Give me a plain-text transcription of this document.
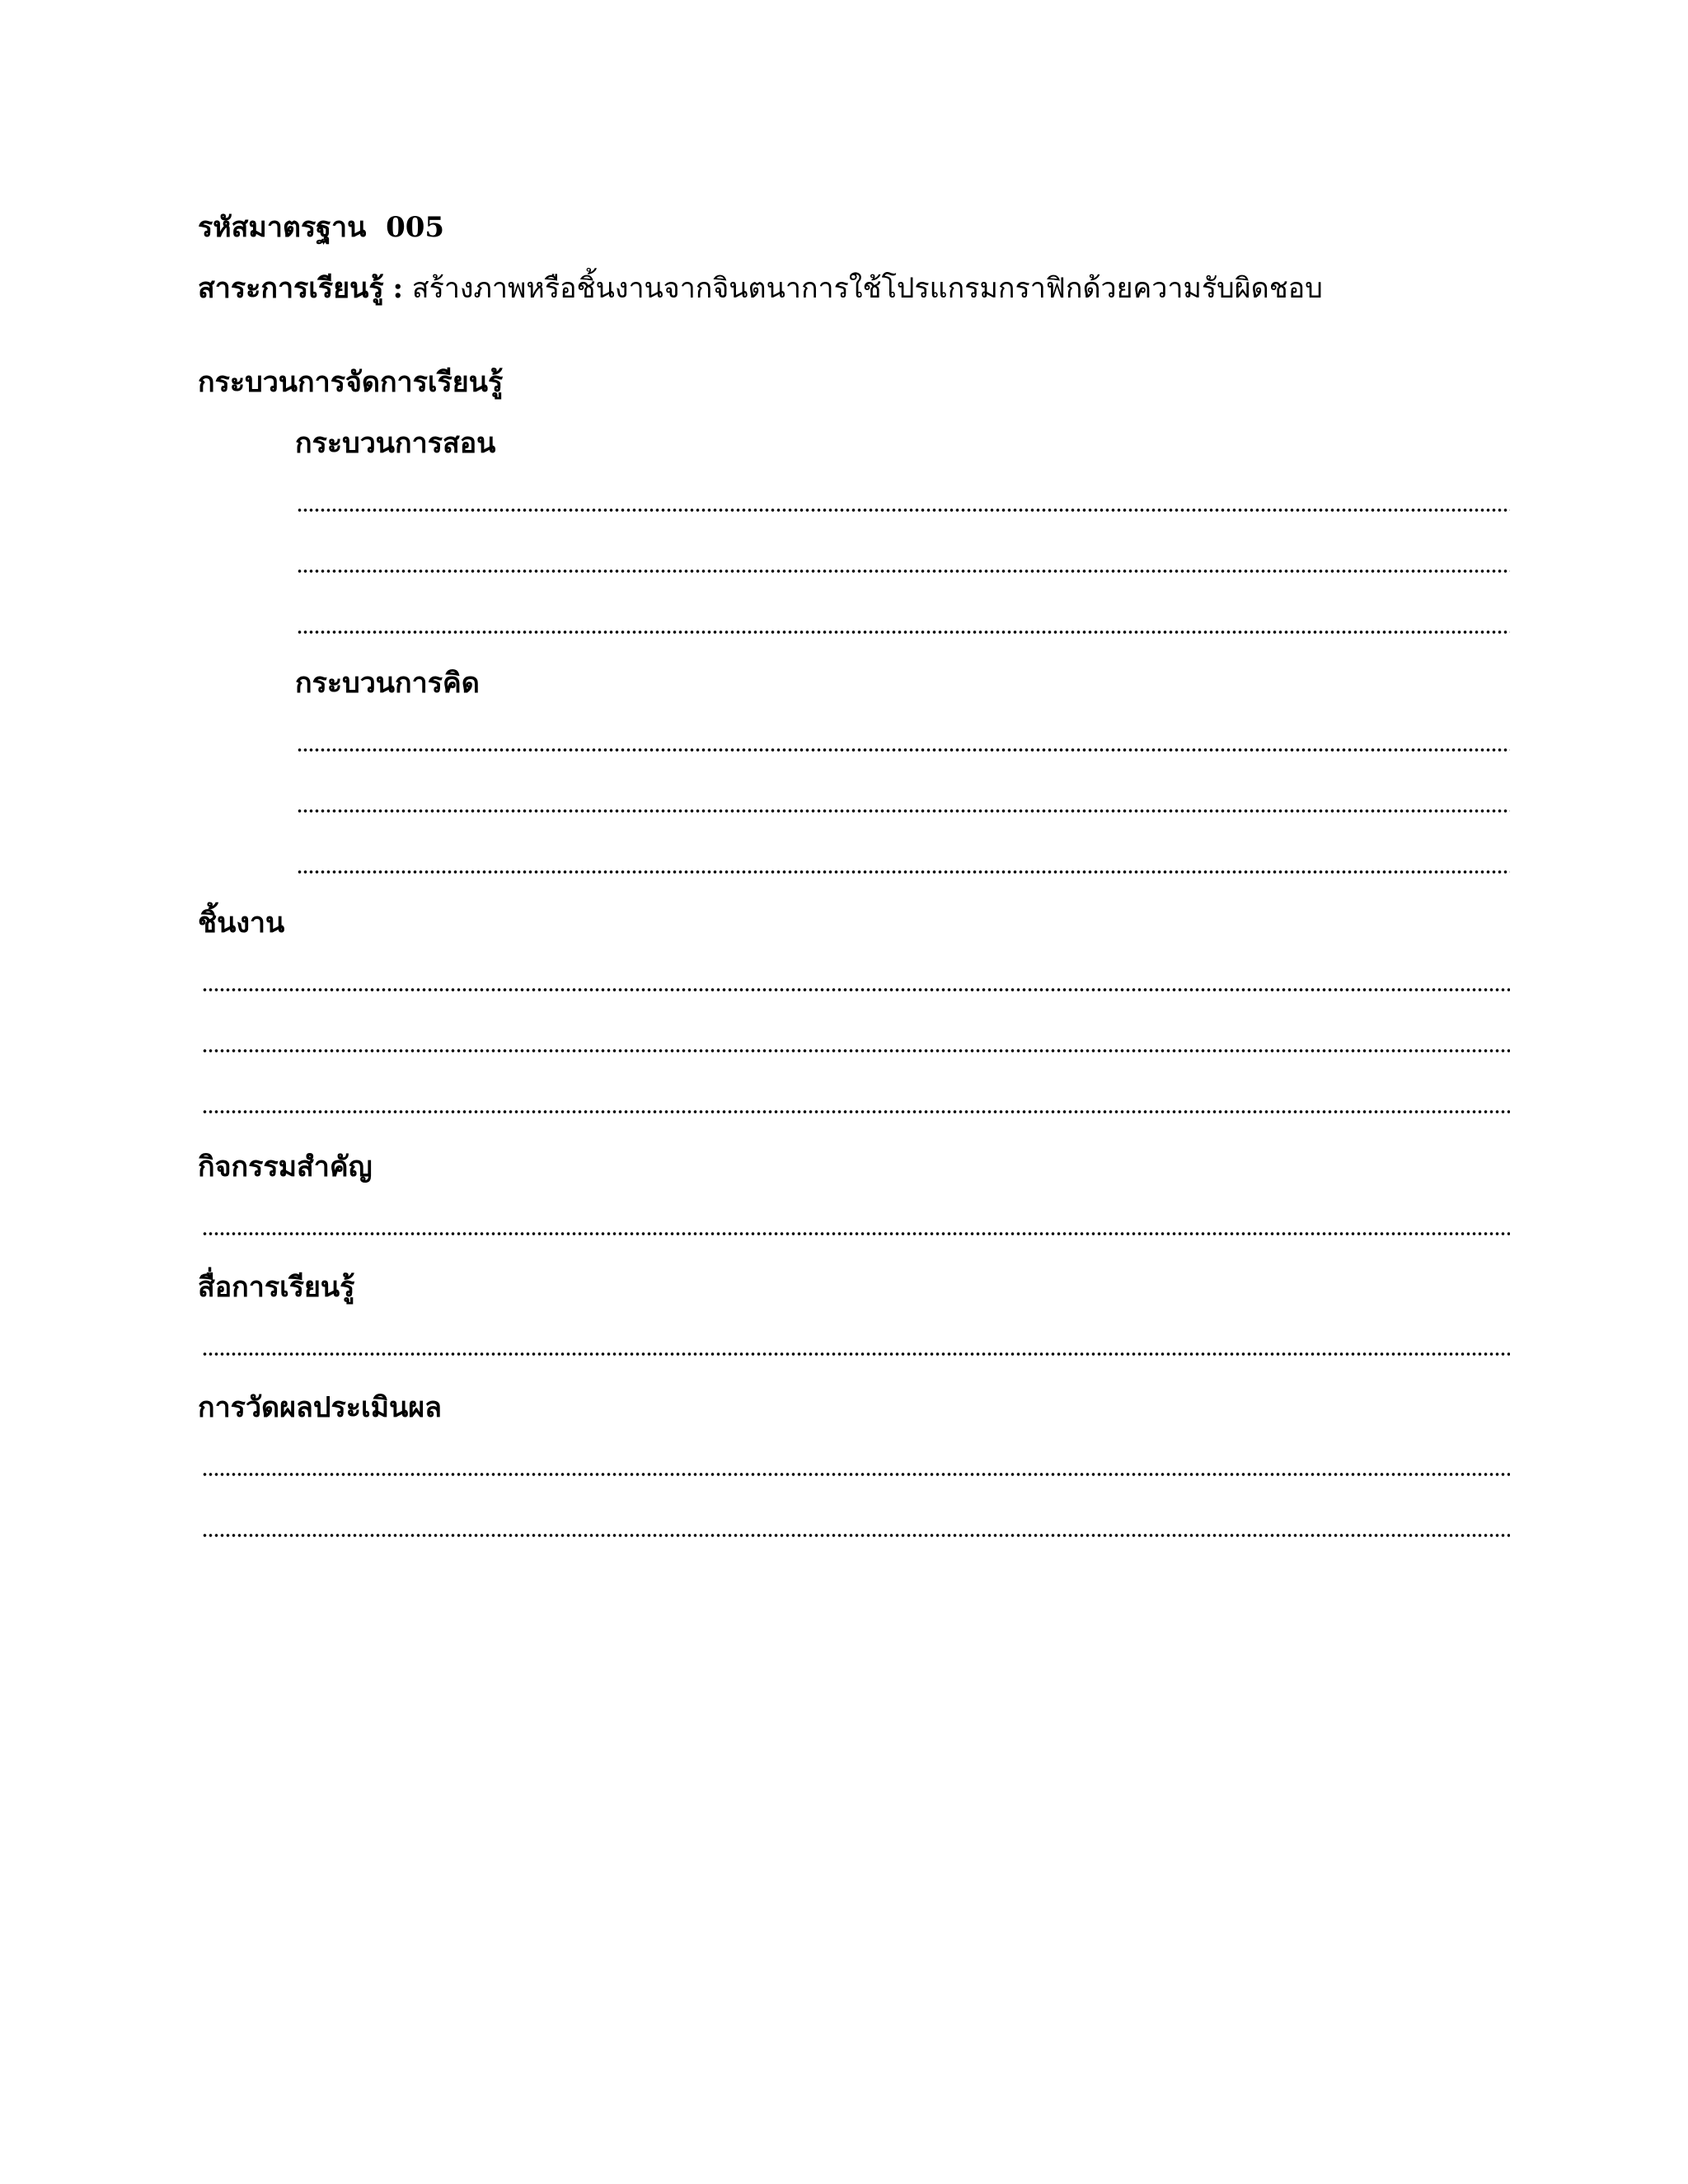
รหัสมาตรฐาน 005
สาระการเรียนรู้ : สร้างภาพหรือชิ้นงานจากจินตนาการใช้โปรแกรมกราฟิกด้วยความรับผิดชอบ
กระบวนการจัดการเรียนรู้
กระบวนการสอน
กระบวนการคิด
ชิ้นงาน
กิจกรรมสำคัญ
สื่อการเรียนรู้
การวัดผลประเมินผล
